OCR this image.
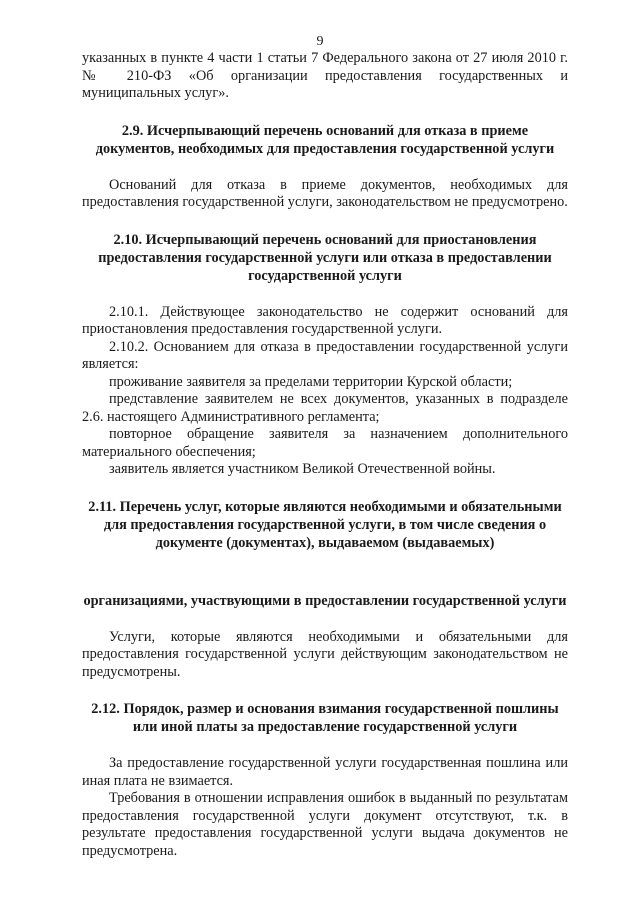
9

указанных в пункте 4 части 1 статьи 7 Федерального закона от 27 июля 2010 г. № 210-ФЗ «Об организации предоставления государственных и муниципальных услуг».

2.9. Исчерпывающий перечень оснований для отказа в приеме документов, необходимых для предоставления государственной услуги

Оснований для отказа в приеме документов, необходимых для предоставления государственной услуги, законодательством не предусмотрено.

2.10. Исчерпывающий перечень оснований для приостановления предоставления государственной услуги или отказа в предоставлении государственной услуги

2.10.1. Действующее законодательство не содержит оснований для приостановления предоставления государственной услуги.

2.10.2. Основанием для отказа в предоставлении государственной услуги является:

проживание заявителя за пределами территории Курской области;

представление заявителем не всех документов, указанных в подразделе 2.6. настоящего Административного регламента;

повторное обращение заявителя за назначением дополнительного материального обеспечения;

заявитель является участником Великой Отечественной войны.

2.11. Перечень услуг, которые являются необходимыми и обязательными для предоставления государственной услуги, в том числе сведения о документе (документах), выдаваемом (выдаваемых)
организациями, участвующими в предоставлении государственной услуги

Услуги, которые являются необходимыми и обязательными для предоставления государственной услуги действующим законодательством не предусмотрены.

2.12. Порядок, размер и основания взимания государственной пошлины или иной платы за предоставление государственной услуги

За предоставление государственной услуги государственная пошлина или иная плата не взимается.

Требования в отношении исправления ошибок в выданный по результатам предоставления государственной услуги документ отсутствуют, т.к. в результате предоставления государственной услуги выдача документов не предусмотрена.
